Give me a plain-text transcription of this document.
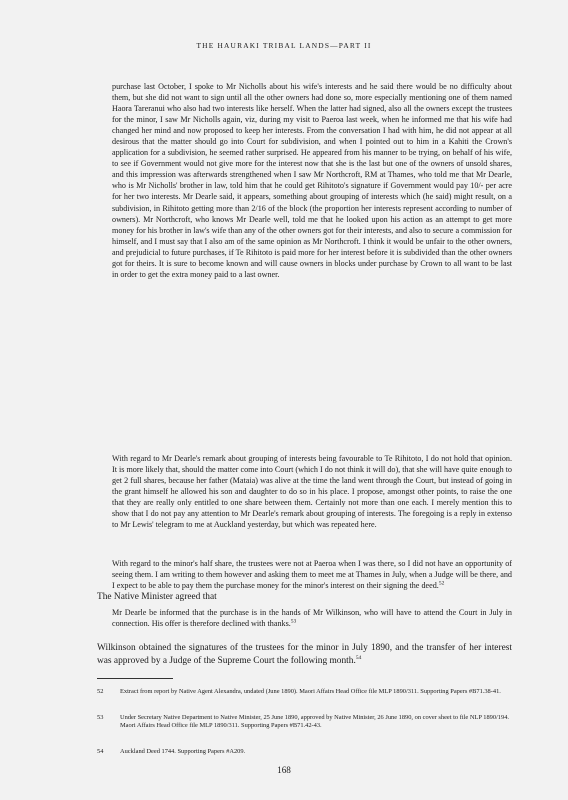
THE HAURAKI TRIBAL LANDS—PART II

purchase last October, I spoke to Mr Nicholls about his wife's interests and he said there would be no difficulty about them, but she did not want to sign until all the other owners had done so, more especially mentioning one of them named Haora Tareranui who also had two interests like herself. When the latter had signed, also all the owners except the trustees for the minor, I saw Mr Nicholls again, viz, during my visit to Paeroa last week, when he informed me that his wife had changed her mind and now proposed to keep her interests. From the conversation I had with him, he did not appear at all desirous that the matter should go into Court for subdivision, and when I pointed out to him in a Kahiti the Crown's application for a subdivision, he seemed rather surprised. He appeared from his manner to be trying, on behalf of his wife, to see if Government would not give more for the interest now that she is the last but one of the owners of unsold shares, and this impression was afterwards strengthened when I saw Mr Northcroft, RM at Thames, who told me that Mr Dearle, who is Mr Nicholls' brother in law, told him that he could get Rihitoto's signature if Government would pay 10/- per acre for her two interests. Mr Dearle said, it appears, something about grouping of interests which (he said) might result, on a subdivision, in Rihitoto getting more than 2/16 of the block (the proportion her interests represent according to number of owners). Mr Northcroft, who knows Mr Dearle well, told me that he looked upon his action as an attempt to get more money for his brother in law's wife than any of the other owners got for their interests, and also to secure a commission for himself, and I must say that I also am of the same opinion as Mr Northcroft. I think it would be unfair to the other owners, and prejudicial to future purchases, if Te Rihitoto is paid more for her interest before it is subdivided than the other owners got for theirs. It is sure to become known and will cause owners in blocks under purchase by Crown to all want to be last in order to get the extra money paid to a last owner.

With regard to Mr Dearle's remark about grouping of interests being favourable to Te Rihitoto, I do not hold that opinion. It is more likely that, should the matter come into Court (which I do not think it will do), that she will have quite enough to get 2 full shares, because her father (Mataia) was alive at the time the land went through the Court, but instead of going in the grant himself he allowed his son and daughter to do so in his place. I propose, amongst other points, to raise the one that they are really only entitled to one share between them. Certainly not more than one each. I merely mention this to show that I do not pay any attention to Mr Dearle's remark about grouping of interests. The foregoing is a reply in extenso to Mr Lewis' telegram to me at Auckland yesterday, but which was repeated here.

With regard to the minor's half share, the trustees were not at Paeroa when I was there, so I did not have an opportunity of seeing them. I am writing to them however and asking them to meet me at Thames in July, when a Judge will be there, and I expect to be able to pay them the purchase money for the minor's interest on their signing the deed.$^{52}$

The Native Minister agreed that

Mr Dearle be informed that the purchase is in the hands of Mr Wilkinson, who will have to attend the Court in July in connection. His offer is therefore declined with thanks.$^{53}$

Wilkinson obtained the signatures of the trustees for the minor in July 1890, and the transfer of her interest was approved by a Judge of the Supreme Court the following month.$^{54}$

52	Extract from report by Native Agent Alexandra, undated (June 1890). Maori Affairs Head Office file MLP 1890/311. Supporting Papers #B71.38-41.
53	Under Secretary Native Department to Native Minister, 25 June 1890, approved by Native Minister, 26 June 1890, on cover sheet to file NLP 1890/194. Maori Affairs Head Office file MLP 1890/311. Supporting Papers #B71.42-43.
54	Auckland Deed 1744. Supporting Papers #A209.
168
